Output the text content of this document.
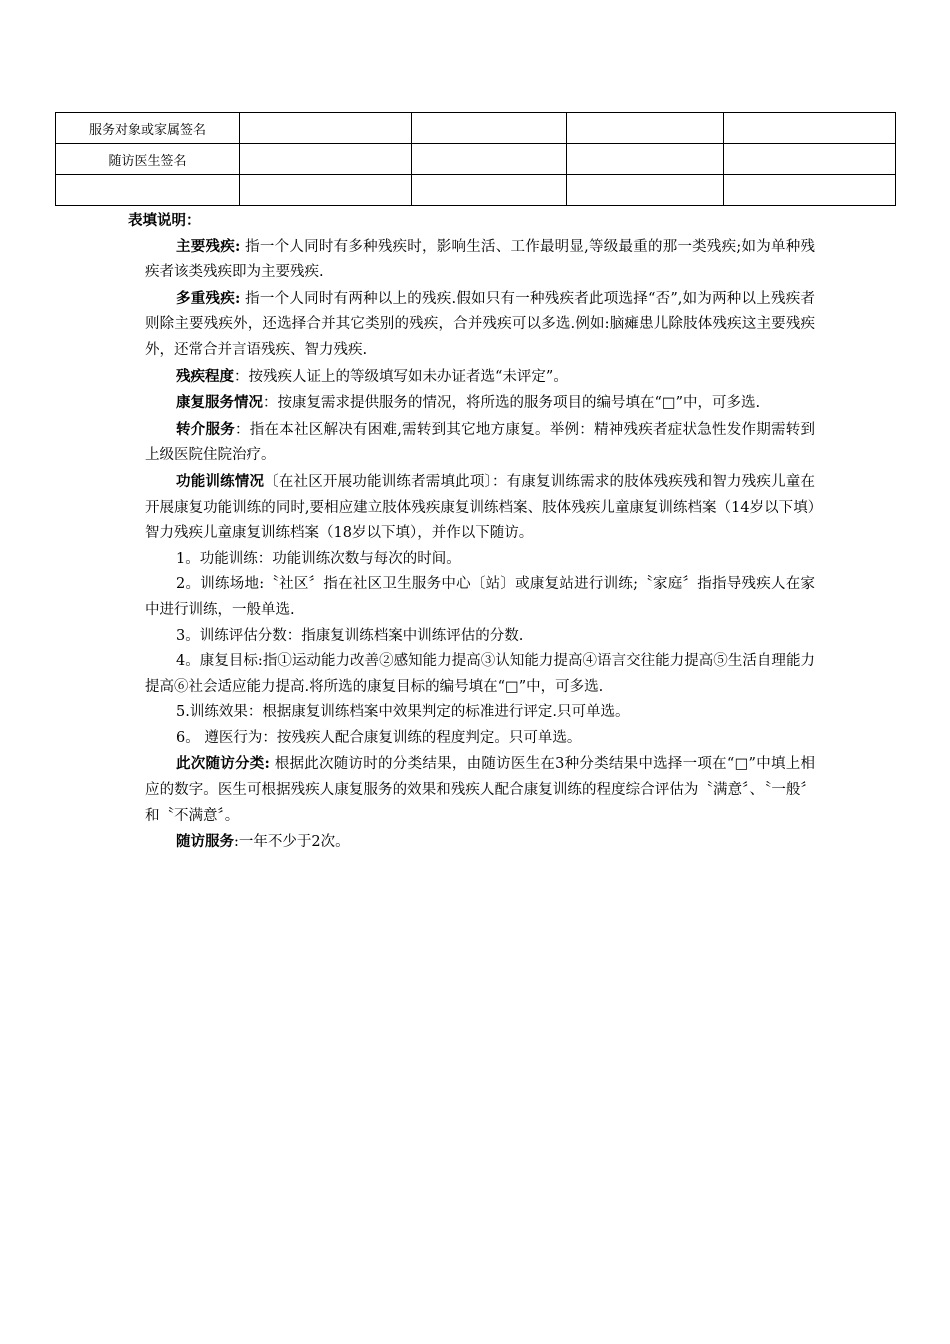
服务对象或家属签名				
随访医生签名				

表填说明：

主要残疾: 指一个人同时有多种残疾时，影响生活、工作最明显,等级最重的那一类残疾;如为单种残疾者该类残疾即为主要残疾.

多重残疾: 指一个人同时有两种以上的残疾.假如只有一种残疾者此项选择“否”,如为两种以上残疾者则除主要残疾外，还选择合并其它类别的残疾，合并残疾可以多选.例如:脑瘫患儿除肢体残疾这主要残疾外，还常合并言语残疾、智力残疾.

残疾程度：按残疾人证上的等级填写如未办证者选“未评定”。

康复服务情况：按康复需求提供服务的情况，将所选的服务项目的编号填在“□”中，可多选.

转介服务：指在本社区解决有困难,需转到其它地方康复。举例：精神残疾者症状急性发作期需转到上级医院住院治疗。

功能训练情况〔在社区开展功能训练者需填此项〕：有康复训练需求的肢体残疾残和智力残疾儿童在开展康复功能训练的同时,要相应建立肢体残疾康复训练档案、肢体残疾儿童康复训练档案（14岁以下填）智力残疾儿童康复训练档案（18岁以下填），并作以下随访。

1。功能训练：功能训练次数与每次的时间。

2。训练场地:〝社区〞指在社区卫生服务中心〔站〕或康复站进行训练;〝家庭〞指指导残疾人在家中进行训练，一般单选.

3。训练评估分数：指康复训练档案中训练评估的分数.

4。康复目标:指①运动能力改善②感知能力提高③认知能力提高④语言交往能力提高⑤生活自理能力提高⑥社会适应能力提高.将所选的康复目标的编号填在“□”中，可多选.

5.训练效果：根据康复训练档案中效果判定的标准进行评定.只可单选。

6。 遵医行为：按残疾人配合康复训练的程度判定。只可单选。

此次随访分类: 根据此次随访时的分类结果，由随访医生在3种分类结果中选择一项在“□”中填上相应的数字。医生可根据残疾人康复服务的效果和残疾人配合康复训练的程度综合评估为〝满意〞、〝一般〞和〝不满意〞。

随访服务:一年不少于2次。
